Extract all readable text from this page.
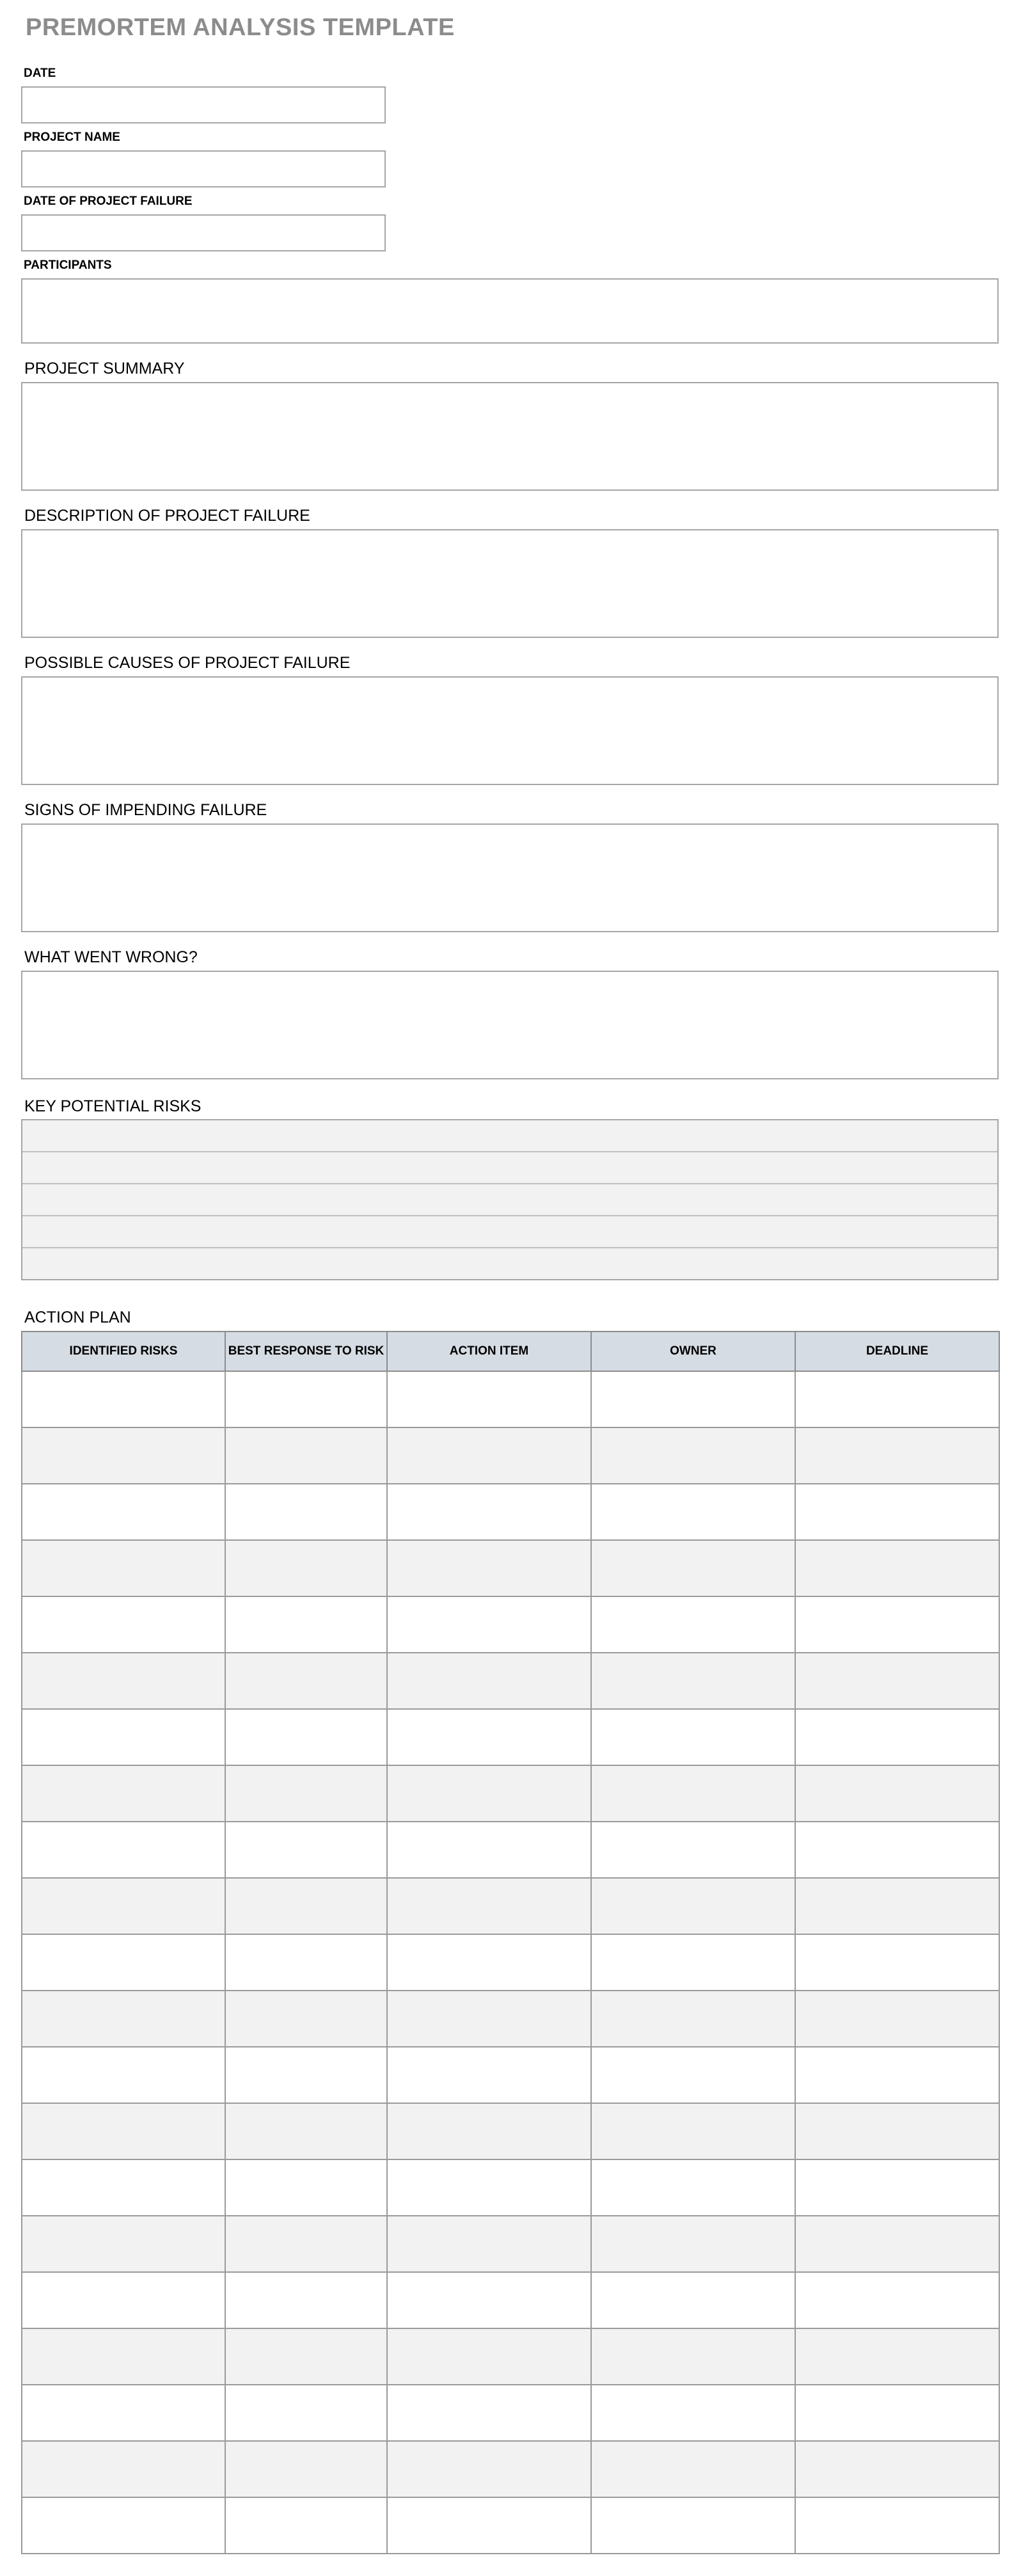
PREMORTEM ANALYSIS TEMPLATE
DATE
PROJECT NAME
DATE OF PROJECT FAILURE
PARTICIPANTS
PROJECT SUMMARY
DESCRIPTION OF PROJECT FAILURE
POSSIBLE CAUSES OF PROJECT FAILURE
SIGNS OF IMPENDING FAILURE
WHAT WENT WRONG?
KEY POTENTIAL RISKS
ACTION PLAN
IDENTIFIED RISKS	BEST RESPONSE TO RISK	ACTION ITEM	OWNER	DEADLINE
